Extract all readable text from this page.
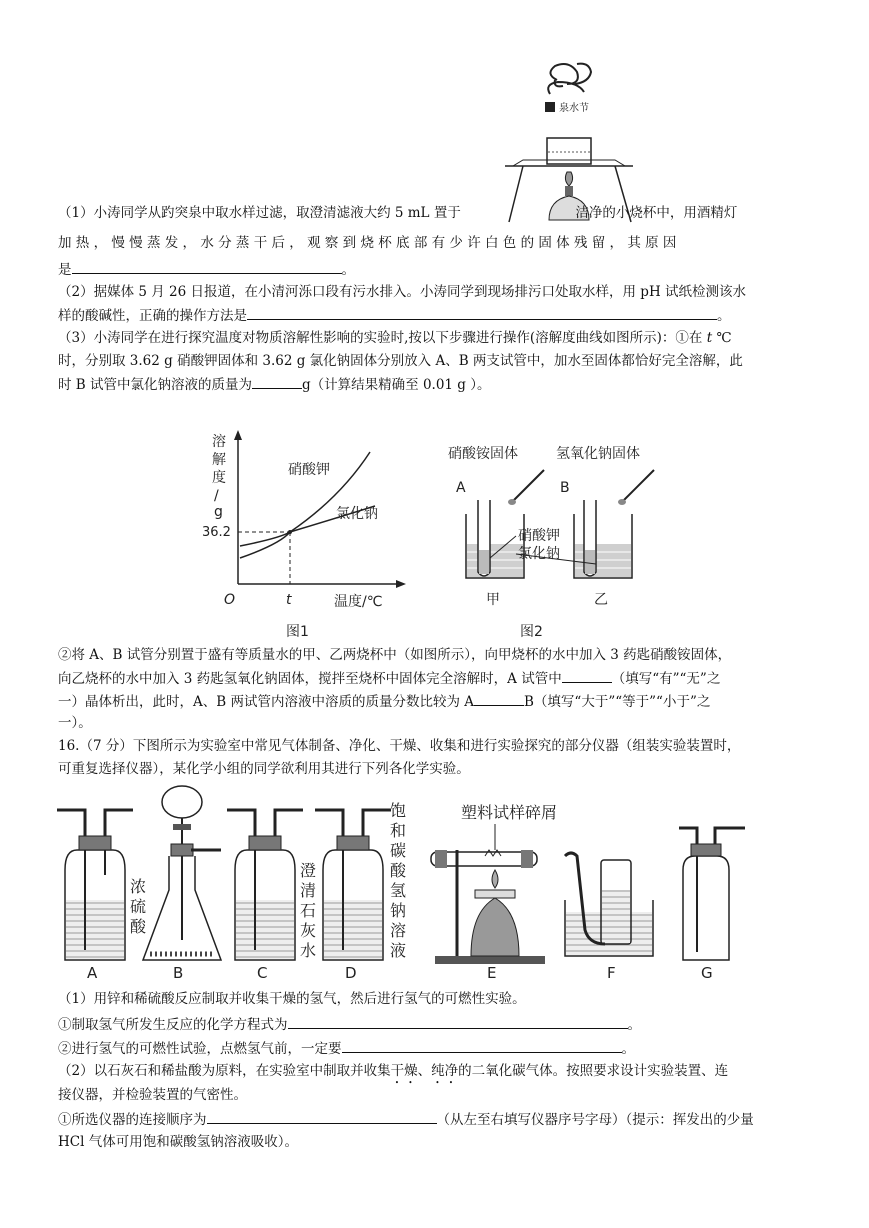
泉水节
（1）小涛同学从趵突泉中取水样过滤，取澄清滤液大约 5 mL 置于	洁净的小烧杯中，用酒精灯
加 热 ， 慢 慢 蒸 发 ， 水 分 蒸 干 后 ， 观 察 到 烧 杯 底 部 有 少 许 白 色 的 固 体 残 留 ， 其 原 因
是	。
（2）据媒体 5 月 26 日报道，在小清河泺口段有污水排入。小涛同学到现场排污口处取水样，用 pH 试纸检测该水
样的酸碱性，正确的操作方法是	。
（3）小涛同学在进行探究温度对物质溶解性影响的实验时,按以下步骤进行操作(溶解度曲线如图所示)：①在 t ℃
时，分别取 3.62 g 硝酸钾固体和 3.62 g 氯化钠固体分别放入 A、B 两支试管中，加水至固体都恰好完全溶解，此
时 B 试管中氯化钠溶液的质量为	g（计算结果精确至 0.01 g ）。
溶
解
度
/
g
硝酸钾
氯化钠
36.2
O	t	温度/℃
图1
硝酸铵固体	氢氧化钠固体
A	B
硝酸钾
氯化钠
甲	乙
图2
②将 A、B 试管分别置于盛有等质量水的甲、乙两烧杯中（如图所示），向甲烧杯的水中加入 3 药匙硝酸铵固体，
向乙烧杯的水中加入 3 药匙氢氧化钠固体，搅拌至烧杯中固体完全溶解时，A 试管中	（填写“有”“无”之
一）晶体析出，此时，A、B 两试管内溶液中溶质的质量分数比较为 A	B（填写“大于”“等于”“小于”之
一）。
16.（7 分）下图所示为实验室中常见气体制备、净化、干燥、收集和进行实验探究的部分仪器（组装实验装置时，
可重复选择仪器），某化学小组的同学欲利用其进行下列各化学实验。
浓
硫
酸
A	B
澄
清
石
灰
水
C
饱
和
碳
酸
氢
钠
溶
液
D
塑料试样碎屑
E	F	G
（1）用锌和稀硫酸反应制取并收集干燥的氢气，然后进行氢气的可燃性实验。
①制取氢气所发生反应的化学方程式为	。
②进行氢气的可燃性试验，点燃氢气前，一定要	。
（2）以石灰石和稀盐酸为原料，在实验室中制取并收集干燥、纯净的二氧化碳气体。按照要求设计实验装置、连
接仪器，并检验装置的气密性。
①所选仪器的连接顺序为	（从左至右填写仪器序号字母）（提示：挥发出的少量
HCl 气体可用饱和碳酸氢钠溶液吸收）。
